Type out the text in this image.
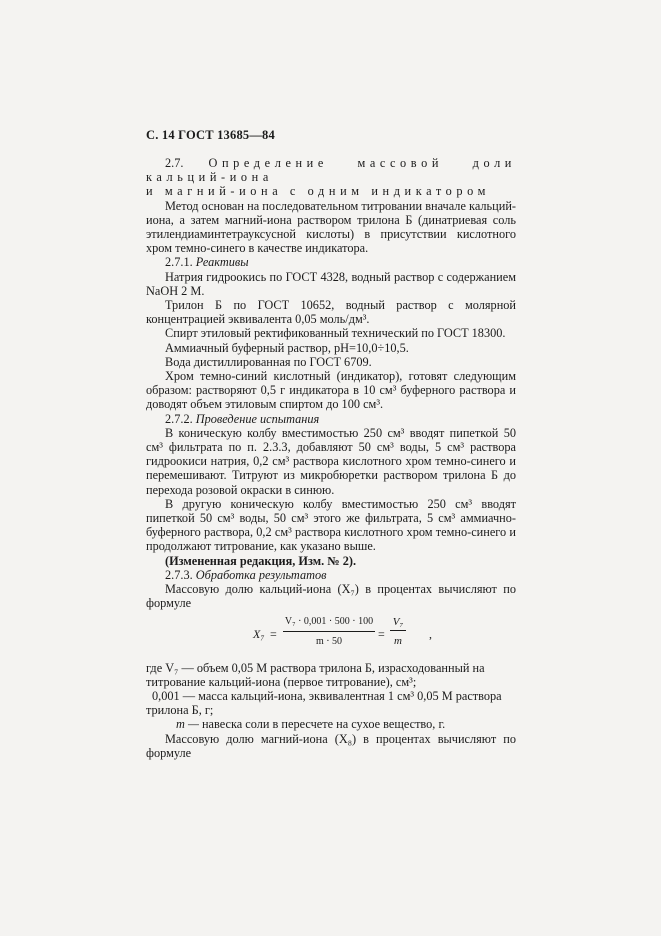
С. 14 ГОСТ 13685—84

2.7. Определение массовой доли кальций-иона

и магний-иона с одним индикатором

Метод основан на последовательном титровании вначале кальций-иона, а затем магний-иона раствором трилона Б (динатриевая соль этилендиаминтетрауксусной кислоты) в присутствии кислотного хром темно-синего в качестве индикатора.

2.7.1. Реактивы

Натрия гидроокись по ГОСТ 4328, водный раствор с содержанием NaOH 2 М.

Трилон Б по ГОСТ 10652, водный раствор с молярной концентрацией эквивалента 0,05 моль/дм³.

Спирт этиловый ректификованный технический по ГОСТ 18300.

Аммиачный буферный раствор, рН=10,0÷10,5.

Вода дистиллированная по ГОСТ 6709.

Хром темно-синий кислотный (индикатор), готовят следующим образом: растворяют 0,5 г индикатора в 10 см³ буферного раствора и доводят объем этиловым спиртом до 100 см³.

2.7.2. Проведение испытания

В коническую колбу вместимостью 250 см³ вводят пипеткой 50 см³ фильтрата по п. 2.3.3, добавляют 50 см³ воды, 5 см³ раствора гидроокиси натрия, 0,2 см³ раствора кислотного хром темно-синего и перемешивают. Титруют из микробюретки раствором трилона Б до перехода розовой окраски в синюю.

В другую коническую колбу вместимостью 250 см³ вводят пипеткой 50 см³ воды, 50 см³ этого же фильтрата, 5 см³ аммиачно-буферного раствора, 0,2 см³ раствора кислотного хром темно-синего и продолжают титрование, как указано выше.

(Измененная редакция, Изм. № 2).

2.7.3. Обработка результатов

Массовую долю кальций-иона (X₇) в процентах вычисляют по формуле

$X_7 = \frac{\text{V₇ · 0,001 · 500 · 100}}{m \cdot 50} = \frac{\text{V₇}}{m}$ ,
где
V₇ —
объем 0,05 М раствора трилона Б, израсходованный на
титрование кальций-иона (первое титрование), см³;
0,001 —
масса кальций-иона, эквивалентная 1 см³ 0,05 М раствора
трилона Б, г;
m —
навеска соли в пересчете на сухое вещество, г.

Массовую долю магний-иона (X₈) в процентах вычисляют по формуле
